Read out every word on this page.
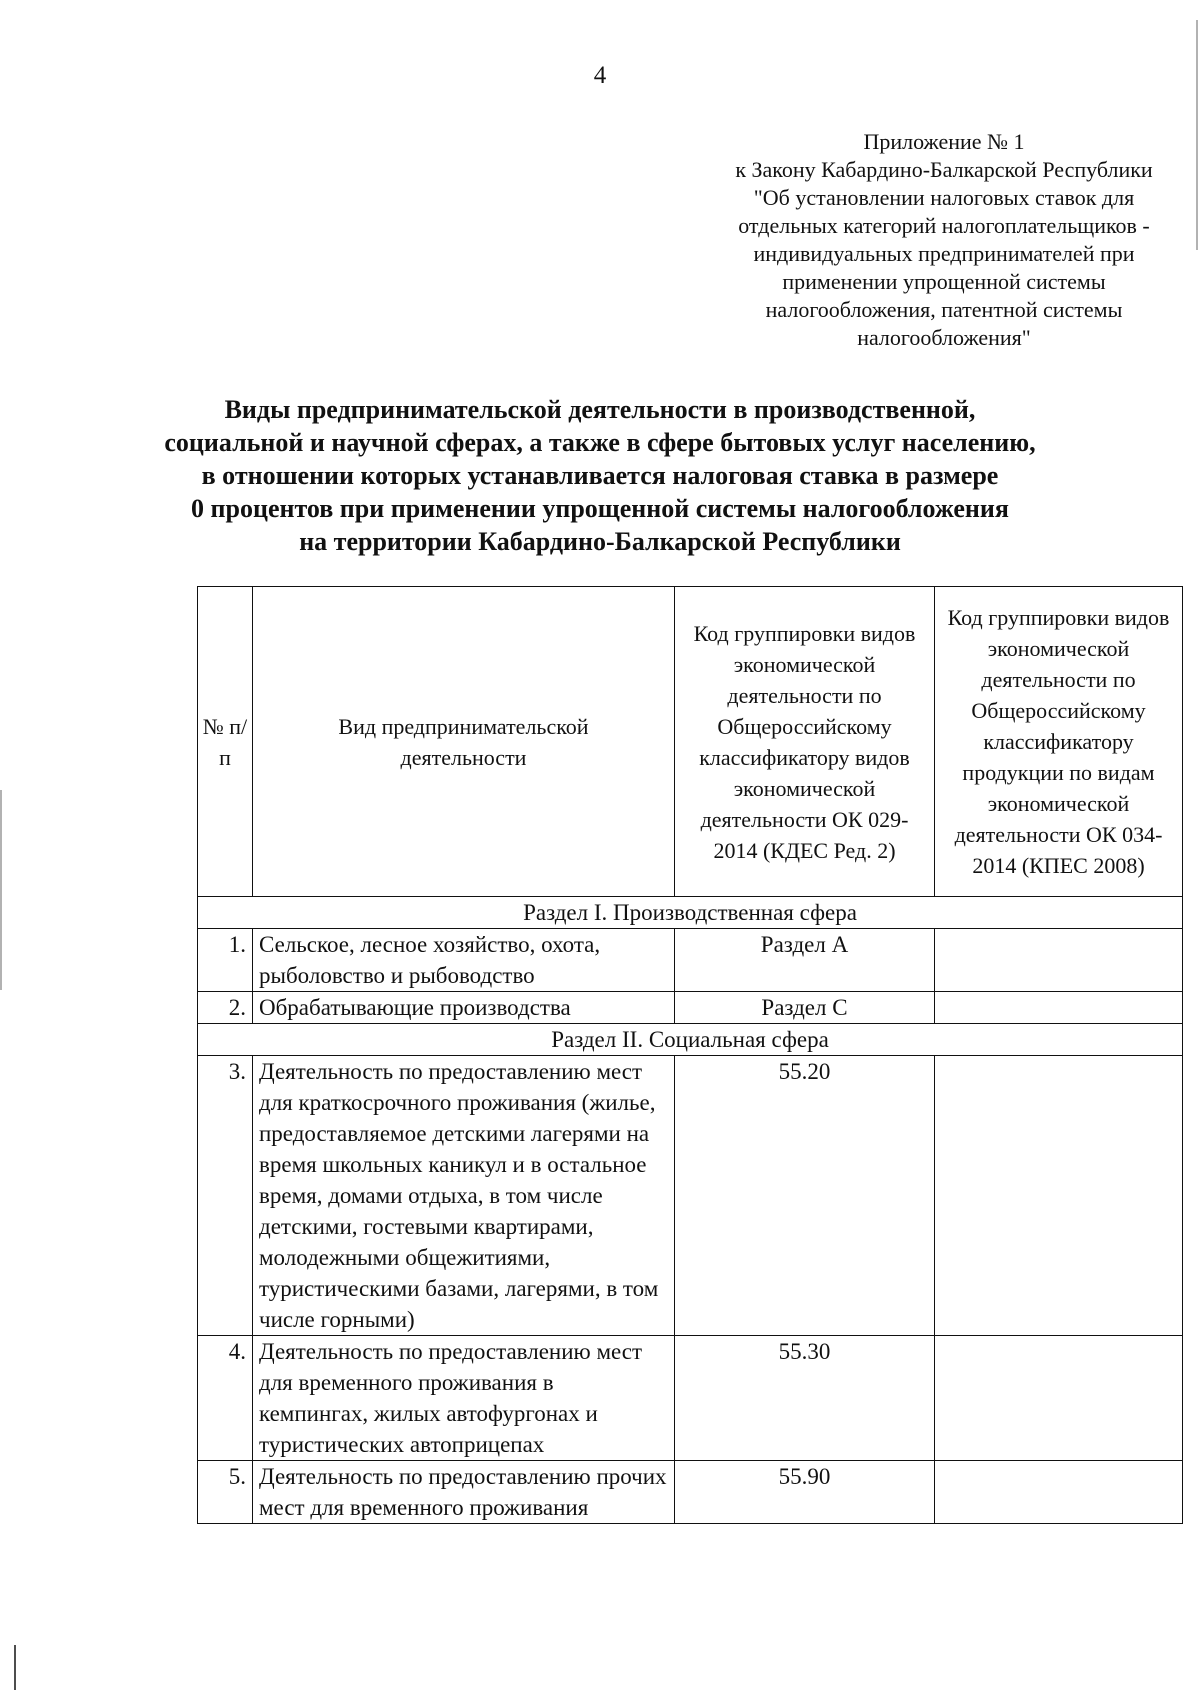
4
Приложение № 1
к Закону Кабардино-Балкарской Республики
"Об установлении налоговых ставок для
отдельных категорий налогоплательщиков -
индивидуальных предпринимателей при
применении упрощенной системы
налогообложения, патентной системы
налогообложения"
Виды предпринимательской деятельности в производственной,
социальной и научной сферах, а также в сфере бытовых услуг населению,
в отношении которых устанавливается налоговая ставка в размере
0 процентов при применении упрощенной системы налогообложения
на территории Кабардино-Балкарской Республики
№ п/п	Вид предпринимательской деятельности	Код группировки видов экономической деятельности по Общероссийскому классификатору видов экономической деятельности ОК 029-2014 (КДЕС Ред. 2)	Код группировки видов экономической деятельности по Общероссийскому классификатору продукции по видам экономической деятельности ОК 034-2014 (КПЕС 2008)
Раздел I. Производственная сфера			
1.	Сельское, лесное хозяйство, охота, рыболовство и рыбоводство	Раздел А	
2.	Обрабатывающие производства	Раздел С	
Раздел II. Социальная сфера			
3.	Деятельность по предоставлению мест для краткосрочного проживания (жилье, предоставляемое детскими лагерями на время школьных каникул и в остальное время, домами отдыха, в том числе детскими, гостевыми квартирами, молодежными общежитиями, туристическими базами, лагерями, в том числе горными)	55.20	
4.	Деятельность по предоставлению мест для временного проживания в кемпингах, жилых автофургонах и туристических автоприцепах	55.30	
5.	Деятельность по предоставлению прочих мест для временного проживания	55.90	
